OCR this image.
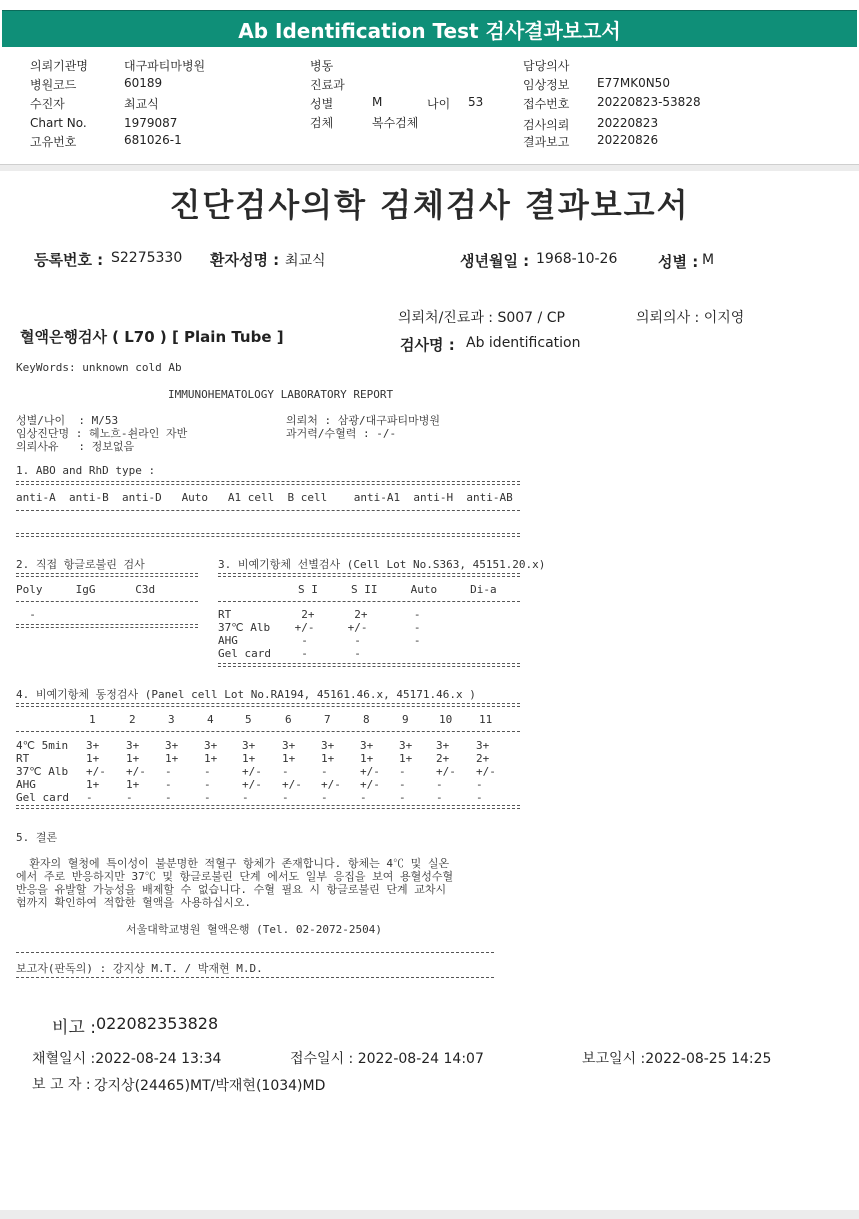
Ab Identification Test 검사결과보고서
의뢰기관명	대구파티마병원
병원코드	60189
수진자	최교식
Chart No.	1979087
고유번호	681026-1
병동
진료과
성별	M	나이 53
검체	복수검체
담당의사
임상정보 E77MK0N50
접수번호 20220823-53828
검사의뢰 20220823
결과보고 20220826
진단검사의학 검체검사 결과보고서
등록번호 : S2275330 환자성명 : 최교식	생년월일 : 1968-10-26	성별 : M
의뢰처/진료과 : S007 / CP	의뢰의사 : 이지영
혈액은행검사 ( L70 ) [ Plain Tube ]	검사명 : Ab identification
KeyWords: unknown cold Ab
IMMUNOHEMATOLOGY LABORATORY REPORT
성별/나이  : M/53
임상진단명 : 헤노흐-쇤라인 자반
의뢰사유   : 정보없음
의뢰처 : 삼광/대구파티마병원
과거력/수혈력 : -/-
1. ABO and RhD type :
anti-A  anti-B  anti-D   Auto   A1 cell  B cell    anti-A1  anti-H  anti-AB
2. 직접 항글로불린 검사
Poly     IgG      C3d
-
3. 비예기항체 선별검사 (Cell Lot No.S363, 45151.20.x)
S I     S II     Auto     Di-a
RT	2+      2+       -
37℃ Alb +/-     +/-       -
AHG	-       -        -
Gel card -       -
4. 비예기항체 동정검사 (Panel cell Lot No.RA194, 45161.46.x, 45171.46.x )
1	2	3	4	5	6	7	8	9	10 11
4℃ 5min 3+ 3+ 3+ 3+ 3+ 3+ 3+ 3+ 3+ 3+ 3+
RT	1+ 1+ 1+ 1+ 1+ 1+ 1+ 1+ 1+ 2+ 2+
37℃ Alb +/- +/- -	-	+/- -	-	+/- -	+/- +/-
AHG	1+ 1+ -	-	+/- +/- +/- +/- -	-	-
Gel card -	-	-	-	-	-	-	-	-	-	-
5. 결론
환자의 혈청에 특이성이 불분명한 적혈구 항체가 존재합니다. 항체는 4℃ 및 실온
에서 주로 반응하지만 37℃ 및 항글로불린 단계 에서도 일부 응집을 보여 용혈성수혈
반응을 유발할 가능성을 배제할 수 없습니다. 수혈 필요 시 항글로불린 단계 교차시
험까지 확인하여 적합한 혈액을 사용하십시오.
서울대학교병원 혈액은행 (Tel. 02-2072-2504)
보고자(판독의) : 강지상 M.T. / 박재현 M.D.
비고 : 022082353828
채혈일시 :2022-08-24 13:34	접수일시 : 2022-08-24 14:07	보고일시 :2022-08-25 14:25
보 고 자 : 강지상(24465)MT/박재현(1034)MD
